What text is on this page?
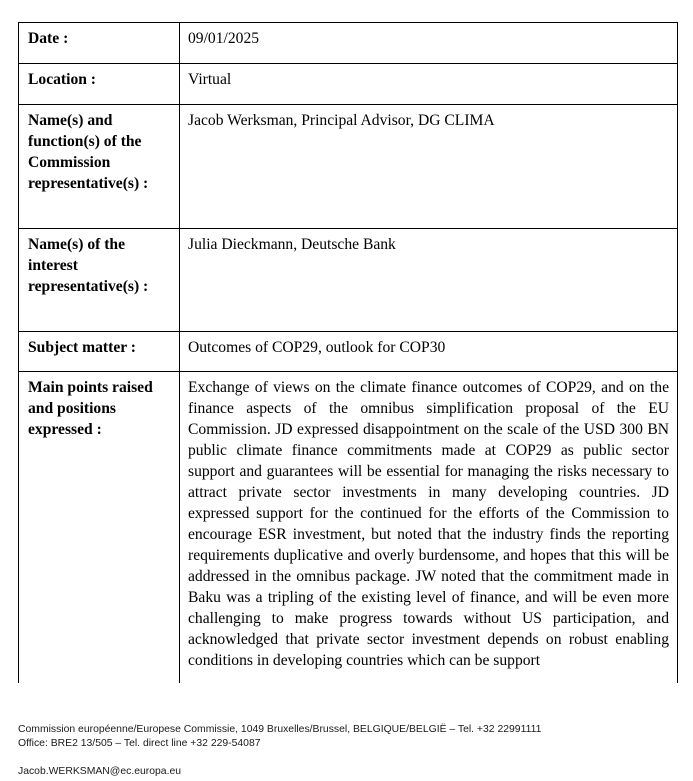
Date :	09/01/2025
Location :	Virtual
Name(s) and function(s) of the Commission representative(s) :	Jacob Werksman, Principal Advisor, DG CLIMA
Name(s) of the interest representative(s) :	Julia Dieckmann, Deutsche Bank
Subject matter :	Outcomes of COP29, outlook for COP30
Main points raised and positions expressed :	Exchange of views on the climate finance outcomes of COP29, and on the finance aspects of the omnibus simplification proposal of the EU Commission. JD expressed disappointment on the scale of the USD 300 BN public climate finance commitments made at COP29 as public sector support and guarantees will be essential for managing the risks necessary to attract private sector investments in many developing countries. JD expressed support for the continued for the efforts of the Commission to encourage ESR investment, but noted that the industry finds the reporting requirements duplicative and overly burdensome, and hopes that this will be addressed in the omnibus package. JW noted that the commitment made in Baku was a tripling of the existing level of finance, and will be even more challenging to make progress towards without US participation, and acknowledged that private sector investment depends on robust enabling conditions in developing countries which can be support
Commission européenne/Europese Commissie, 1049 Bruxelles/Brussel, BELGIQUE/BELGIË – Tel. +32 22991111
Office: BRE2 13/505 – Tel. direct line +32 229-54087
Jacob.WERKSMAN@ec.europa.eu
